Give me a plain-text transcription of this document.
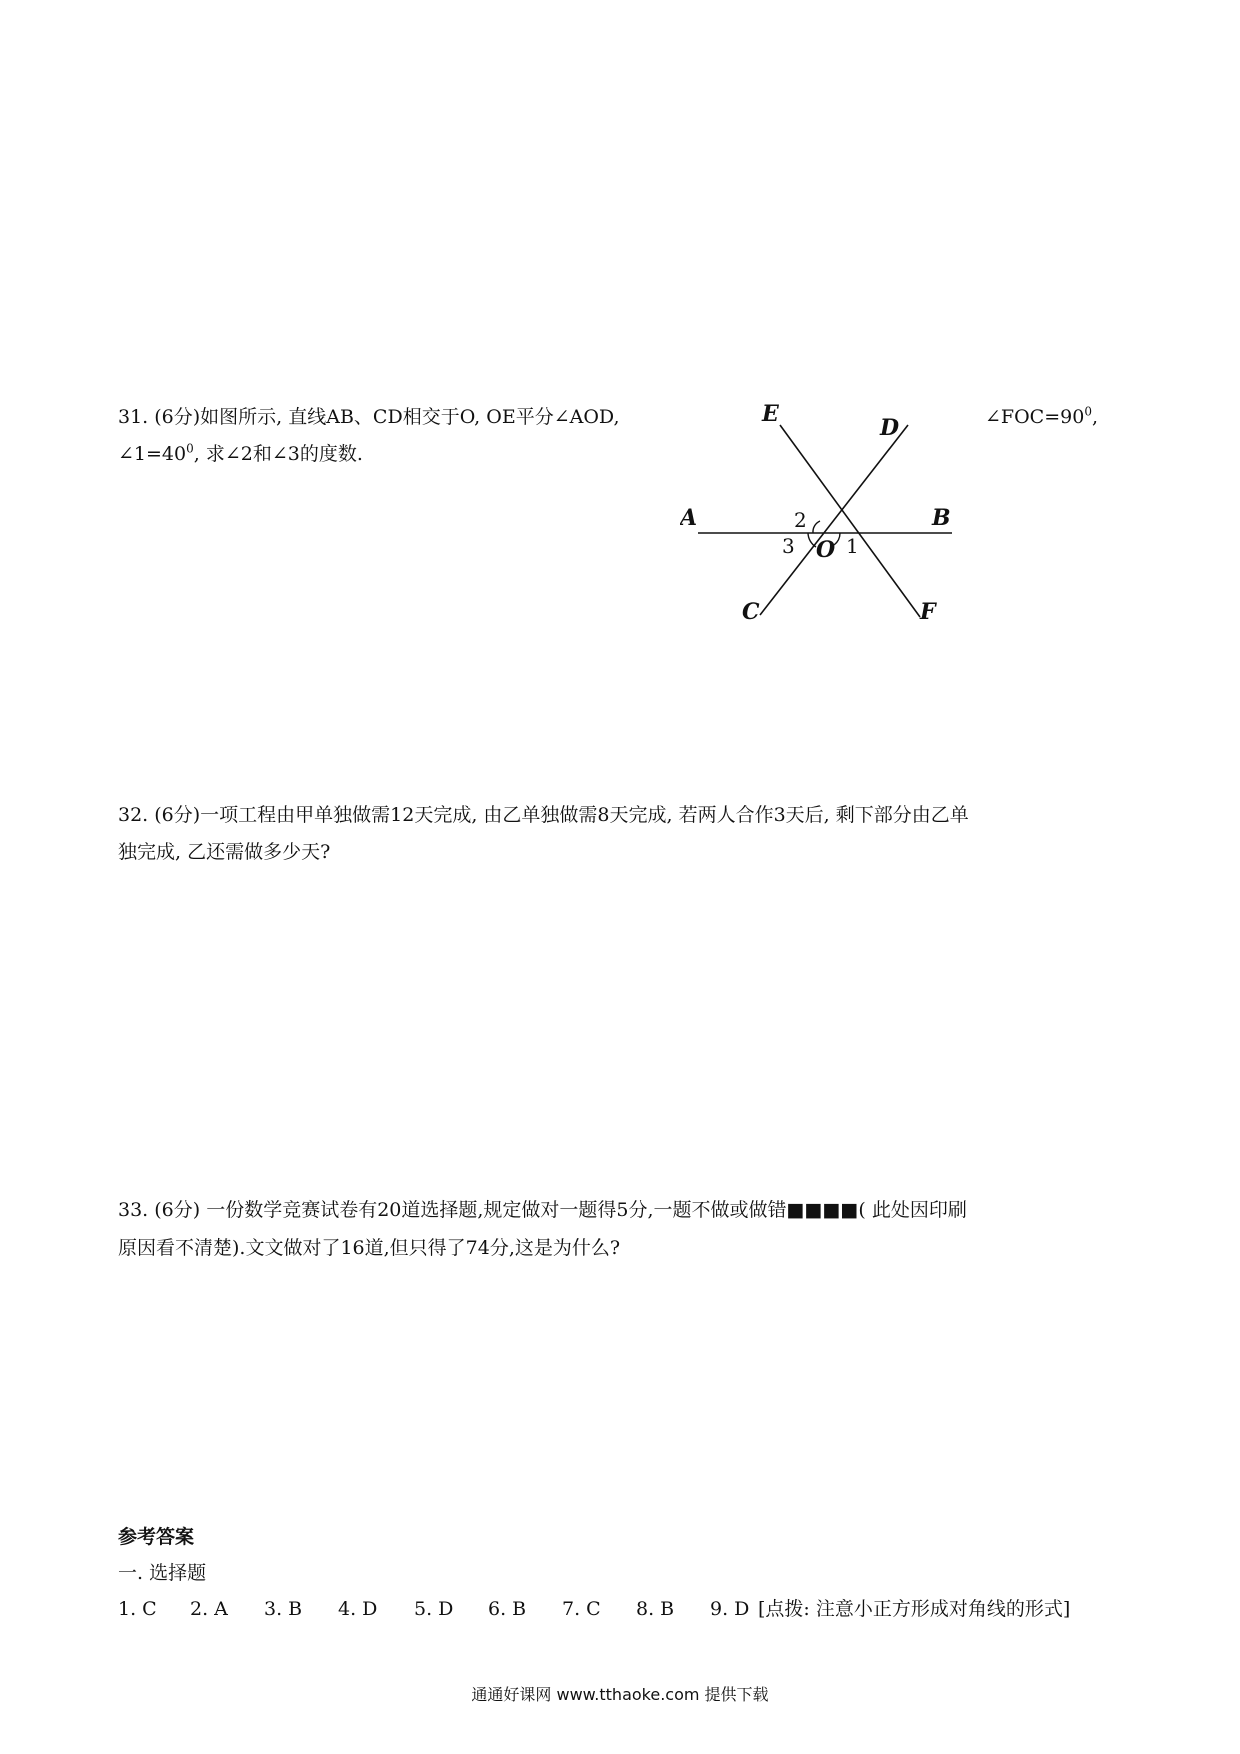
31. (6分)如图所示, 直线AB、CD相交于O, OE平分∠AOD,	$\angle FOC=90^0$,
$\angle 1=40^0$, 求∠2和∠3的度数.
E
D
A	B
O
C	F
2
3	1
32. (6分)一项工程由甲单独做需12天完成, 由乙单独做需8天完成, 若两人合作3天后, 剩下部分由乙单
独完成, 乙还需做多少天?
33. (6分) 一份数学竞赛试卷有20道选择题,规定做对一题得5分,一题不做或做错■■■■( 此处因印刷
原因看不清楚).文文做对了16道,但只得了74分,这是为什么?
参考答案
一. 选择题
1. C 2. A 3. B 4. D 5. D 6. B 7. C 8. B 9. D [点拨: 注意小正方形成对角线的形式]
通通好课网 www.tthaoke.com 提供下载
